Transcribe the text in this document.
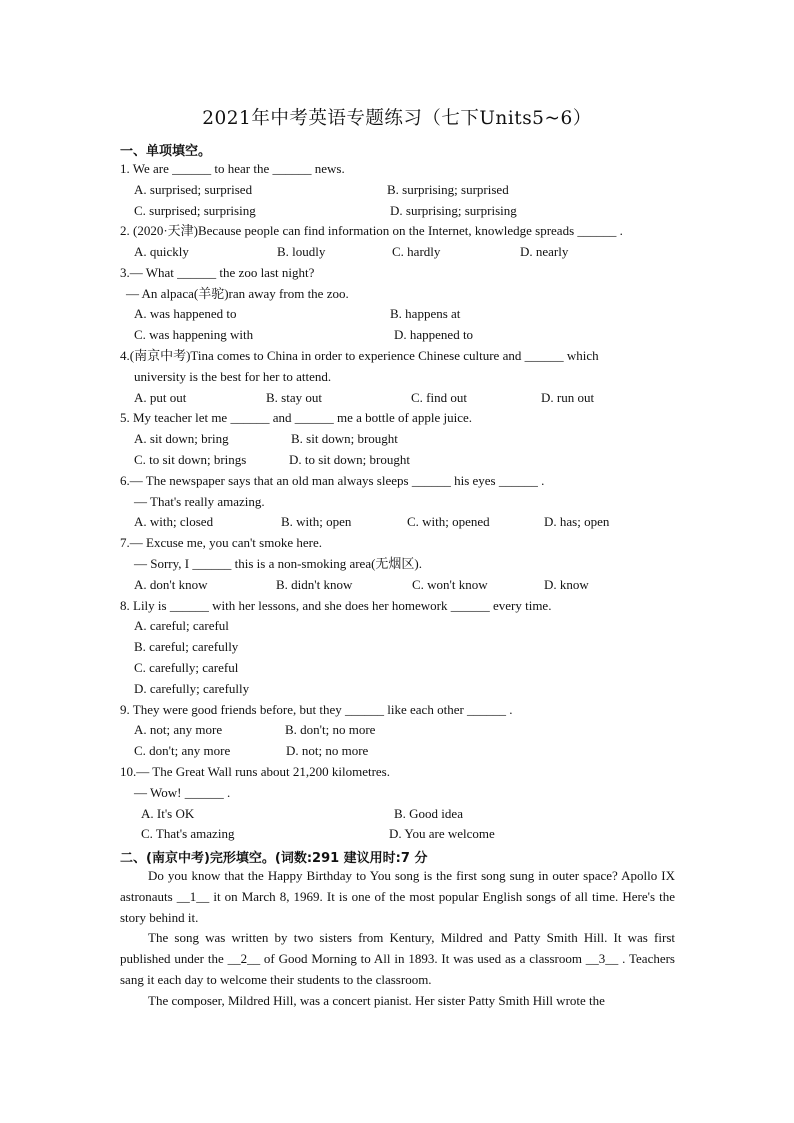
2021年中考英语专题练习（七下Units5~6）
一、单项填空。
1. We are ______ to hear the ______ news.
A. surprised; surprised	B. surprising; surprised
C. surprised; surprising	D. surprising; surprising
2. (2020·天津)Because people can find information on the Internet, knowledge spreads ______ .
A. quickly	B. loudly	C. hardly	D. nearly
3.— What ______ the zoo last night?
— An alpaca(羊驼)ran away from the zoo.
A. was happened to	B. happens at
C. was happening with	D. happened to
4.(南京中考)Tina comes to China in order to experience Chinese culture and ______ which
university is the best for her to attend.
A. put out	B. stay out	C. find out	D. run out
5. My teacher let me ______ and ______ me a bottle of apple juice.
A. sit down; bring	B. sit down; brought
C. to sit down; brings	D. to sit down; brought
6.— The newspaper says that an old man always sleeps ______ his eyes ______ .
— That's really amazing.
A. with; closed	B. with; open	C. with; opened	D. has; open
7.— Excuse me, you can't smoke here.
— Sorry, I ______ this is a non-smoking area(无烟区).
A. don't know	B. didn't know	C. won't know	D. know
8. Lily is ______ with her lessons, and she does her homework ______ every time.
A. careful; careful
B. careful; carefully
C. carefully; careful
D. carefully; carefully
9. They were good friends before, but they ______ like each other ______ .
A. not; any more	B. don't; no more
C. don't; any more	D. not; no more
10.— The Great Wall runs about 21,200 kilometres.
— Wow! ______ .
A. It's OK	B. Good idea
C. That's amazing	D. You are welcome
二、(南京中考)完形填空。(词数:291 建议用时:7 分

Do you know that the Happy Birthday to You song is the first song sung in outer space? Apollo IX astronauts __1__ it on March 8, 1969. It is one of the most popular English songs of all time. Here's the story behind it.

The song was written by two sisters from Kentury, Mildred and Patty Smith Hill. It was first published under the __2__ of Good Morning to All in 1893. It was used as a classroom __3__ . Teachers sang it each day to welcome their students to the classroom.

The composer, Mildred Hill, was a concert pianist. Her sister Patty Smith Hill wrote the
